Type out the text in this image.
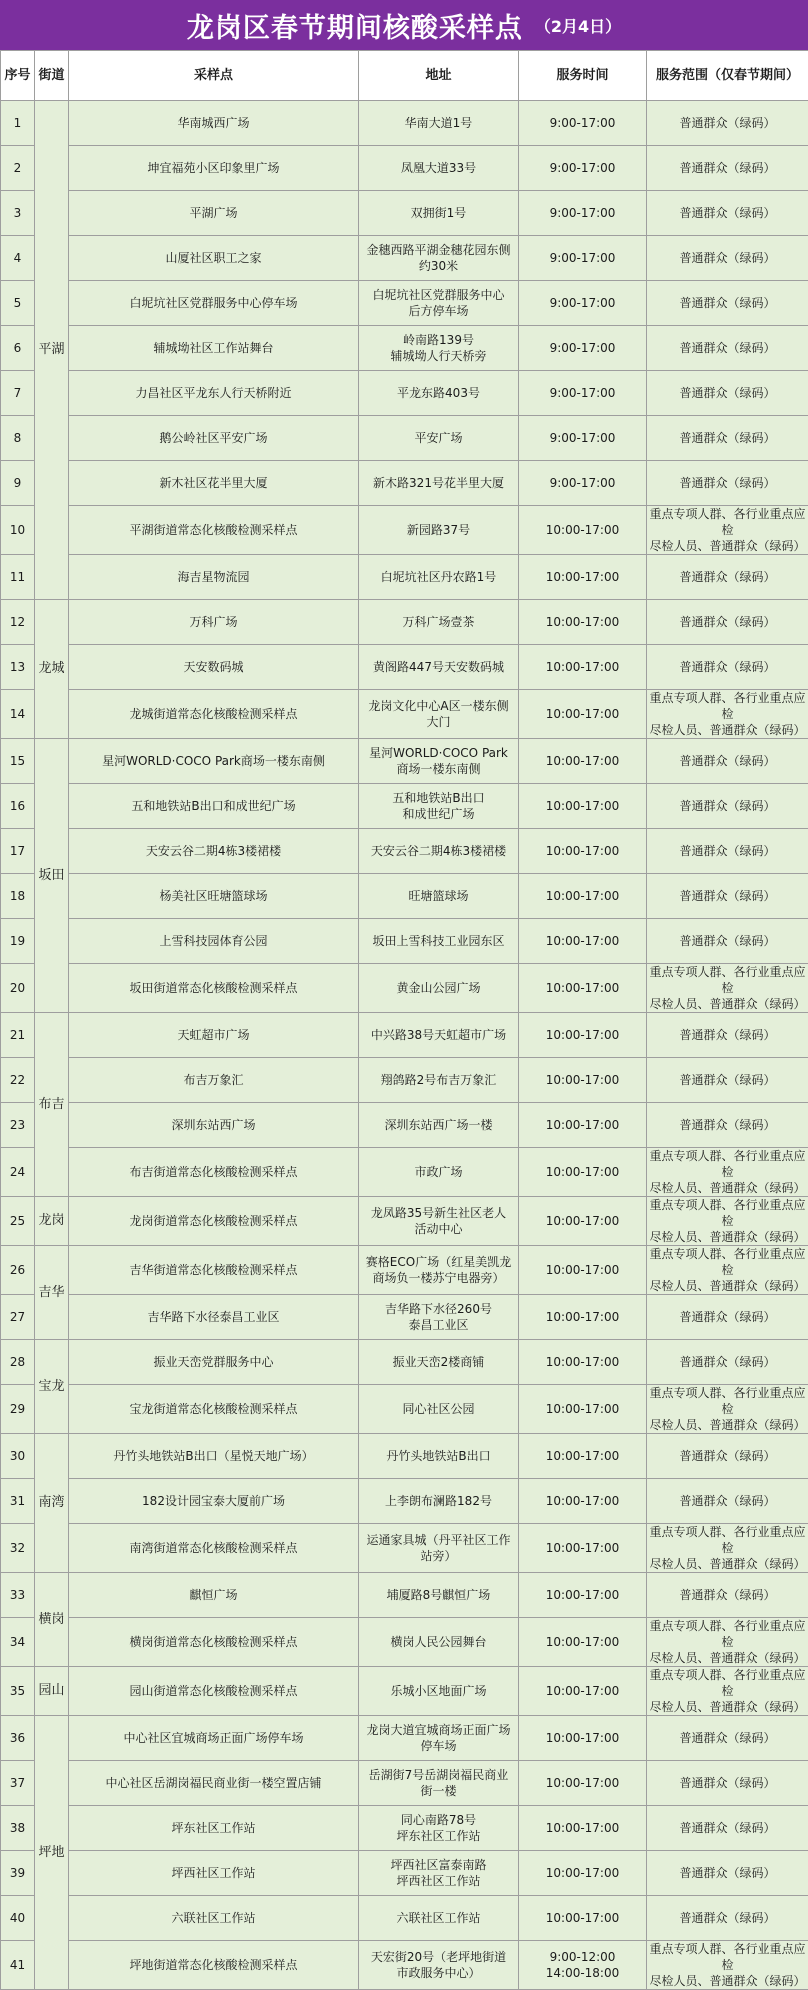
龙岗区春节期间核酸采样点 （2月4日）
序号	街道	采样点	地址	服务时间	服务范围（仅春节期间）
1	平湖	华南城西广场	华南大道1号	9:00-17:00	普通群众（绿码）
2		坤宜福苑小区印象里广场	凤凰大道33号	9:00-17:00	普通群众（绿码）
3		平湖广场	双拥街1号	9:00-17:00	普通群众（绿码）
4		山厦社区职工之家	金穗西路平湖金穗花园东侧
约30米	9:00-17:00	普通群众（绿码）
5		白坭坑社区党群服务中心停车场	白坭坑社区党群服务中心
后方停车场	9:00-17:00	普通群众（绿码）
6		辅城坳社区工作站舞台	岭南路139号
辅城坳人行天桥旁	9:00-17:00	普通群众（绿码）
7		力昌社区平龙东人行天桥附近	平龙东路403号	9:00-17:00	普通群众（绿码）
8		鹅公岭社区平安广场	平安广场	9:00-17:00	普通群众（绿码）
9		新木社区花半里大厦	新木路321号花半里大厦	9:00-17:00	普通群众（绿码）
10		平湖街道常态化核酸检测采样点	新园路37号	10:00-17:00	重点专项人群、各行业重点应检
尽检人员、普通群众（绿码）
11		海吉星物流园	白坭坑社区丹农路1号	10:00-17:00	普通群众（绿码）
12	龙城	万科广场	万科广场壹茶	10:00-17:00	普通群众（绿码）
13		天安数码城	黄阁路447号天安数码城	10:00-17:00	普通群众（绿码）
14		龙城街道常态化核酸检测采样点	龙岗文化中心A区一楼东侧
大门	10:00-17:00	重点专项人群、各行业重点应检
尽检人员、普通群众（绿码）
15	坂田	星河WORLD·COCO Park商场一楼东南侧	星河WORLD·COCO Park
商场一楼东南侧	10:00-17:00	普通群众（绿码）
16		五和地铁站B出口和成世纪广场	五和地铁站B出口
和成世纪广场	10:00-17:00	普通群众（绿码）
17		天安云谷二期4栋3楼裙楼	天安云谷二期4栋3楼裙楼	10:00-17:00	普通群众（绿码）
18		杨美社区旺塘篮球场	旺塘篮球场	10:00-17:00	普通群众（绿码）
19		上雪科技园体育公园	坂田上雪科技工业园东区	10:00-17:00	普通群众（绿码）
20		坂田街道常态化核酸检测采样点	黄金山公园广场	10:00-17:00	重点专项人群、各行业重点应检
尽检人员、普通群众（绿码）
21	布吉	天虹超市广场	中兴路38号天虹超市广场	10:00-17:00	普通群众（绿码）
22		布吉万象汇	翔鸽路2号布吉万象汇	10:00-17:00	普通群众（绿码）
23		深圳东站西广场	深圳东站西广场一楼	10:00-17:00	普通群众（绿码）
24		布吉街道常态化核酸检测采样点	市政广场	10:00-17:00	重点专项人群、各行业重点应检
尽检人员、普通群众（绿码）
25	龙岗	龙岗街道常态化核酸检测采样点	龙凤路35号新生社区老人
活动中心	10:00-17:00	重点专项人群、各行业重点应检
尽检人员、普通群众（绿码）
26	吉华	吉华街道常态化核酸检测采样点	赛格ECO广场（红星美凯龙
商场负一楼苏宁电器旁）	10:00-17:00	重点专项人群、各行业重点应检
尽检人员、普通群众（绿码）
27		吉华路下水径泰昌工业区	吉华路下水径260号
泰昌工业区	10:00-17:00	普通群众（绿码）
28	宝龙	振业天峦党群服务中心	振业天峦2楼商铺	10:00-17:00	普通群众（绿码）
29		宝龙街道常态化核酸检测采样点	同心社区公园	10:00-17:00	重点专项人群、各行业重点应检
尽检人员、普通群众（绿码）
30	南湾	丹竹头地铁站B出口（星悦天地广场）	丹竹头地铁站B出口	10:00-17:00	普通群众（绿码）
31		182设计园宝泰大厦前广场	上李朗布澜路182号	10:00-17:00	普通群众（绿码）
32		南湾街道常态化核酸检测采样点	运通家具城（丹平社区工作
站旁）	10:00-17:00	重点专项人群、各行业重点应检
尽检人员、普通群众（绿码）
33	横岗	麒恒广场	埔厦路8号麒恒广场	10:00-17:00	普通群众（绿码）
34		横岗街道常态化核酸检测采样点	横岗人民公园舞台	10:00-17:00	重点专项人群、各行业重点应检
尽检人员、普通群众（绿码）
35	园山	园山街道常态化核酸检测采样点	乐城小区地面广场	10:00-17:00	重点专项人群、各行业重点应检
尽检人员、普通群众（绿码）
36	坪地	中心社区宜城商场正面广场停车场	龙岗大道宜城商场正面广场
停车场	10:00-17:00	普通群众（绿码）
37		中心社区岳湖岗福民商业街一楼空置店铺	岳湖街7号岳湖岗福民商业
街一楼	10:00-17:00	普通群众（绿码）
38		坪东社区工作站	同心南路78号
坪东社区工作站	10:00-17:00	普通群众（绿码）
39		坪西社区工作站	坪西社区富泰南路
坪西社区工作站	10:00-17:00	普通群众（绿码）
40		六联社区工作站	六联社区工作站	10:00-17:00	普通群众（绿码）
41		坪地街道常态化核酸检测采样点	天宏街20号（老坪地街道
市政服务中心）	9:00-12:00
14:00-18:00	重点专项人群、各行业重点应检
尽检人员、普通群众（绿码）
